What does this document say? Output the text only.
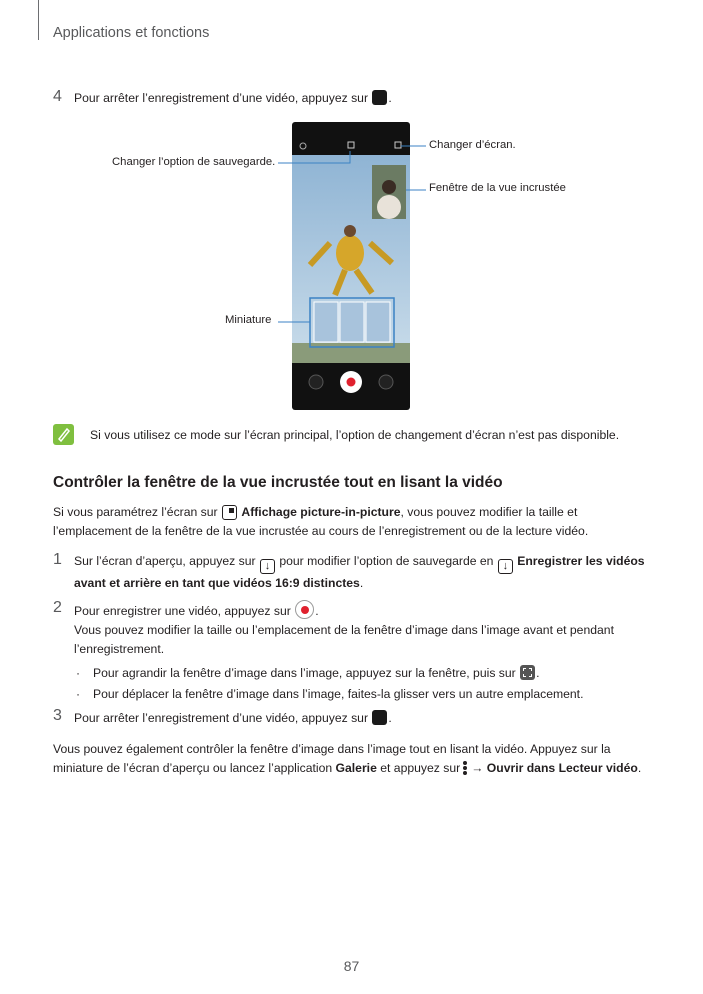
Applications et fonctions
4 Pour arrêter l’enregistrement d’une vidéo, appuyez sur .
Changer l’option de sauvegarde.
Changer d’écran.
Fenêtre de la vue incrustée
Miniature
Si vous utilisez ce mode sur l’écran principal, l’option de changement d’écran n’est pas disponible.
Contrôler la fenêtre de la vue incrustée tout en lisant la vidéo
Si vous paramétrez l’écran sur Affichage picture-in-picture, vous pouvez modifier la taille et
l’emplacement de la fenêtre de la vue incrustée au cours de l’enregistrement ou de la lecture vidéo.
1 Sur l’écran d’aperçu, appuyez sur ↓ pour modifier l’option de sauvegarde en ↓ Enregistrer les vidéos
avant et arrière en tant que vidéos 16:9 distinctes.
2 Pour enregistrer une vidéo, appuyez sur .
Vous pouvez modifier la taille ou l’emplacement de la fenêtre d’image dans l’image avant et pendant
l’enregistrement.
· Pour agrandir la fenêtre d’image dans l’image, appuyez sur la fenêtre, puis sur .
· Pour déplacer la fenêtre d’image dans l’image, faites-la glisser vers un autre emplacement.
3 Pour arrêter l’enregistrement d’une vidéo, appuyez sur .
Vous pouvez également contrôler la fenêtre d’image dans l’image tout en lisant la vidéo. Appuyez sur la
miniature de l’écran d’aperçu ou lancez l’application Galerie et appuyez sur → Ouvrir dans Lecteur vidéo.
87
